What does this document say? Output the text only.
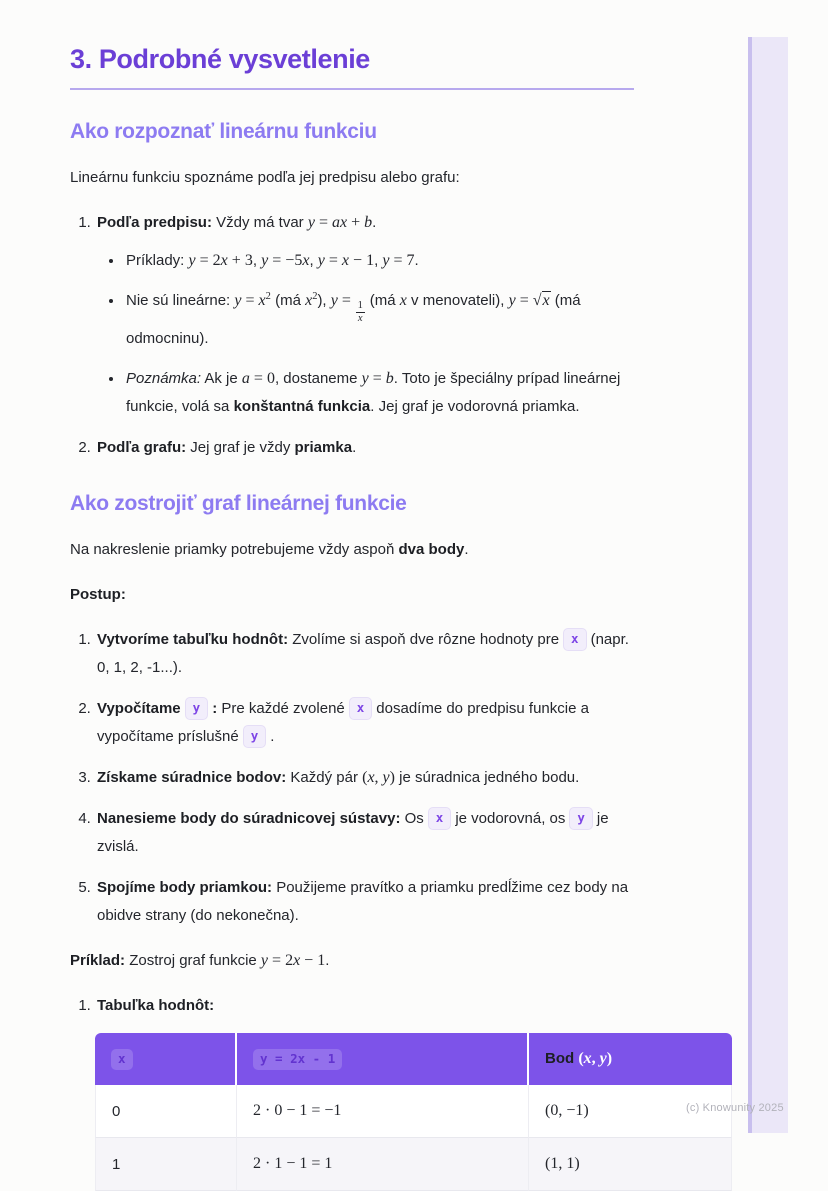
3. Podrobné vysvetlenie
Ako rozpoznať lineárnu funkciu

Lineárnu funkciu spoznáme podľa jej predpisu alebo grafu:

1. Podľa predpisu: Vždy má tvar y = ax + b.
• Príklady: y = 2x + 3, y = −5x, y = x − 1, y = 7.
• Nie sú lineárne: $y = x^2$ (má $x^2$), $y = \frac{1}{x}$ (má x v menovateli), y = √x (má odmocninu).
• Poznámka: Ak je a = 0, dostaneme y = b. Toto je špeciálny prípad lineárnej funkcie, volá sa konštantná funkcia. Jej graf je vodorovná priamka.
2. Podľa grafu: Jej graf je vždy priamka.
Ako zostrojiť graf lineárnej funkcie

Na nakreslenie priamky potrebujeme vždy aspoň dva body.

Postup:

1. Vytvoríme tabuľku hodnôt: Zvolíme si aspoň dve rôzne hodnoty pre x (napr. 0, 1, 2, -1...).
2. Vypočítame y : Pre každé zvolené x dosadíme do predpisu funkcie a vypočítame príslušné y .
3. Získame súradnice bodov: Každý pár (x, y) je súradnica jedného bodu.
4. Nanesieme body do súradnicovej sústavy: Os x je vodorovná, os y je zvislá.
5. Spojíme body priamkou: Použijeme pravítko a priamku predĺžime cez body na obidve strany (do nekonečna).

Príklad: Zostroj graf funkcie y = 2x − 1.

1. Tabuľka hodnôt:
x	y = 2x - 1	Bod (x, y)
0	2 · 0 − 1 = −1	(0, −1)
1	2 · 1 − 1 = 1	(1, 1)
(c) Knowunity 2025
